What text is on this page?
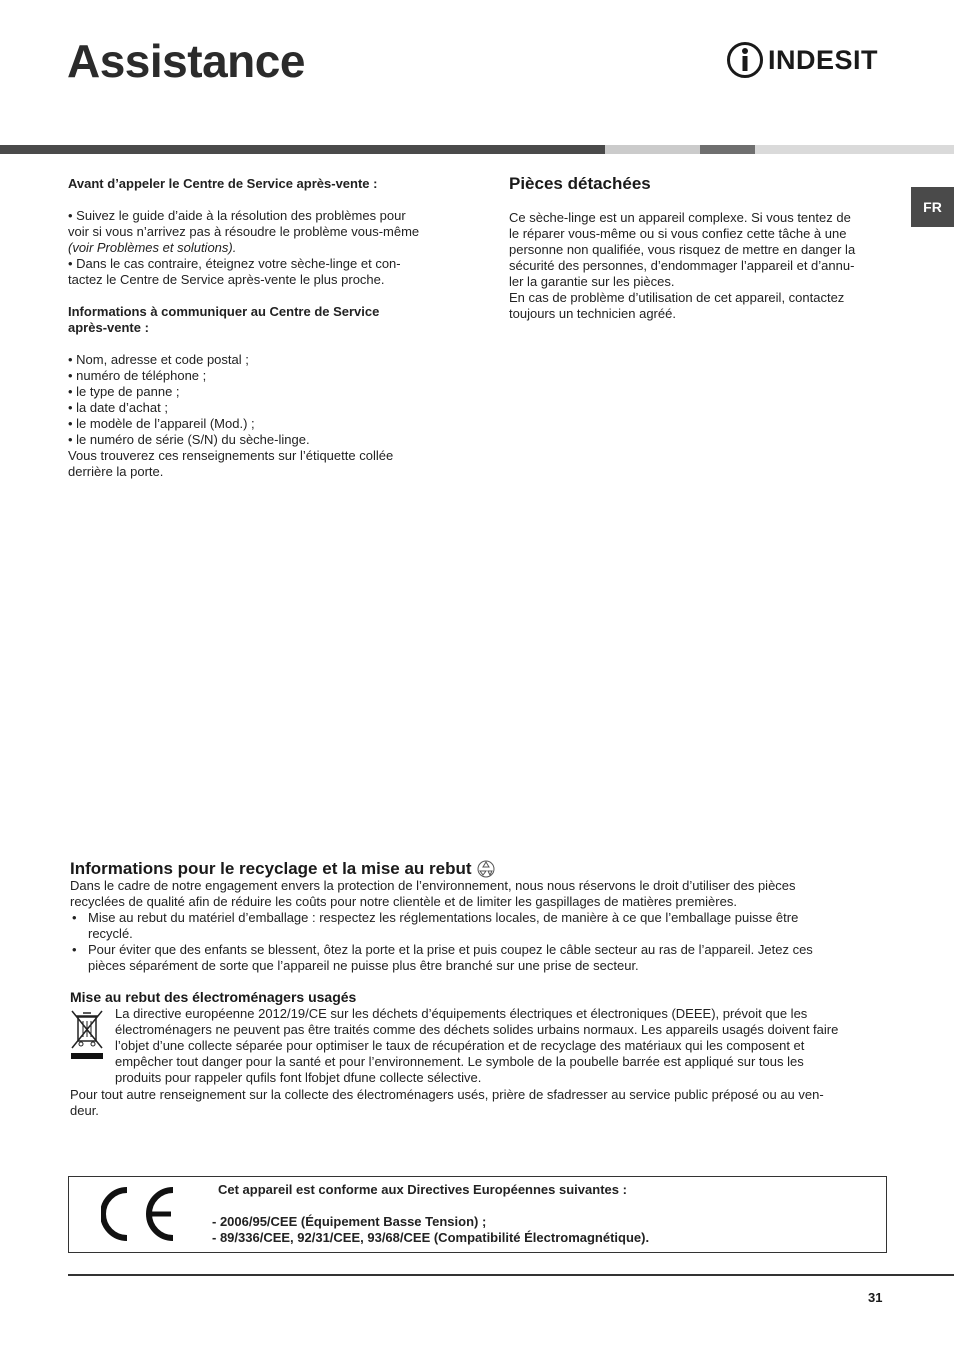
Assistance	INDESIT
FR

Avant d’appeler le Centre de Service après-vente :

• Suivez le guide d’aide à la résolution des problèmes pour

voir si vous n’arrivez pas à résoudre le problème vous-même

(voir Problèmes et solutions).

• Dans le cas contraire, éteignez votre sèche-linge et con-

tactez le Centre de Service après-vente le plus proche.

Informations à communiquer au Centre de Service

après-vente :

• Nom, adresse et code postal ;

• numéro de téléphone ;

• le type de panne ;

• la date d’achat ;

• le modèle de l’appareil (Mod.) ;

• le numéro de série (S/N) du sèche-linge.

Vous trouverez ces renseignements sur l’étiquette collée

derrière la porte.

Pièces détachées

Ce sèche-linge est un appareil complexe. Si vous tentez de

le réparer vous-même ou si vous confiez cette tâche à une

personne non qualifiée, vous risquez de mettre en danger la

sécurité des personnes, d’endommager l’appareil et d’annu-

ler la garantie sur les pièces.

En cas de problème d’utilisation de cet appareil, contactez

toujours un technicien agréé.

Informations pour le recyclage et la mise au rebut

Dans le cadre de notre engagement envers la protection de l’environnement, nous nous réservons le droit d’utiliser des pièces

recyclées de qualité afin de réduire les coûts pour notre clientèle et de limiter les gaspillages de matières premières.

• Mise au rebut du matériel d’emballage : respectez les réglementations locales, de manière à ce que l’emballage puisse être

recyclé.

• Pour éviter que des enfants se blessent, ôtez la porte et la prise et puis coupez le câble secteur au ras de l’appareil. Jetez ces

pièces séparément de sorte que l’appareil ne puisse plus être branché sur une prise de secteur.

Mise au rebut des électroménagers usagés

La directive européenne 2012/19/CE sur les déchets d’équipements électriques et électroniques (DEEE), prévoit que les

électroménagers ne peuvent pas être traités comme des déchets solides urbains normaux. Les appareils usagés doivent faire

l’objet d’une collecte séparée pour optimiser le taux de récupération et de recyclage des matériaux qui les composent et

empêcher tout danger pour la santé et pour l’environnement. Le symbole de la poubelle barrée est appliqué sur tous les

produits pour rappeler qufils font lfobjet dfune collecte sélective.

Pour tout autre renseignement sur la collecte des électroménagers usés, prière de sfadresser au service public préposé ou au ven-

deur.

Cet appareil est conforme aux Directives Européennes suivantes :

- 2006/95/CEE (Équipement Basse Tension) ;

- 89/336/CEE, 92/31/CEE, 93/68/CEE (Compatibilité Électromagnétique).

31
